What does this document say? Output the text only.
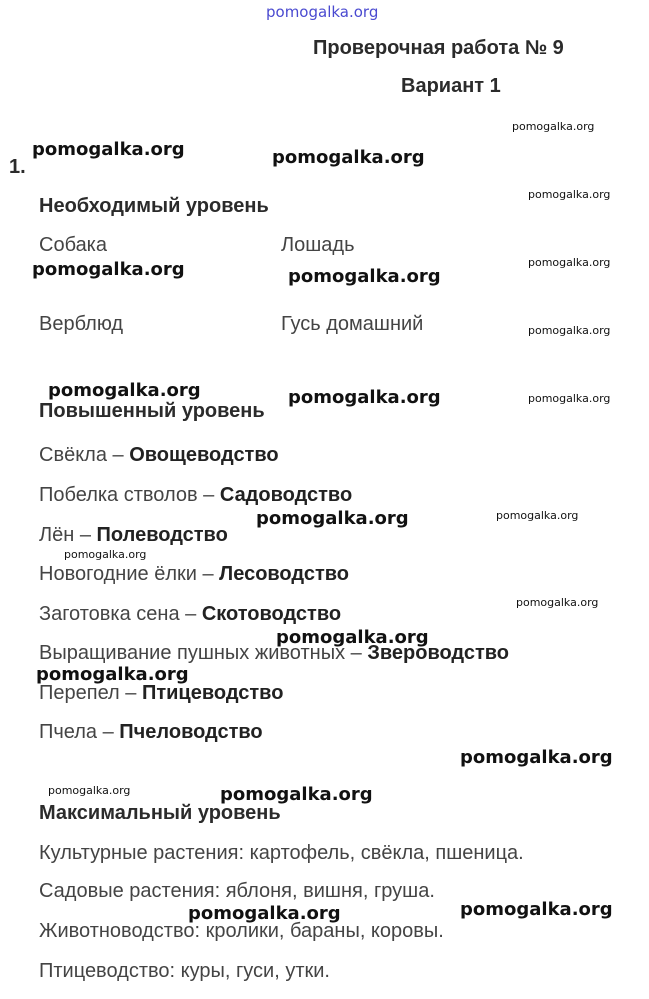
pomogalka.org
Проверочная работа № 9
Вариант 1
1.
Необходимый уровень
Собака	Лошадь
Верблюд	Гусь домашний
Повышенный уровень
Свёкла – Овощеводство
Побелка стволов – Садоводство
Лён – Полеводство
Новогодние ёлки – Лесоводство
Заготовка сена – Скотоводство
Выращивание пушных животных – Звероводство
Перепел – Птицеводство
Пчела – Пчеловодство
Максимальный уровень
Культурные растения: картофель, свёкла, пшеница.
Садовые растения: яблоня, вишня, груша.
Животноводство: кролики, бараны, коровы.
Птицеводство: куры, гуси, утки.
pomogalka.org	pomogalka.org
pomogalka.org	pomogalka.org
pomogalka.org	pomogalka.org
pomogalka.org
pomogalka.org
pomogalka.org
pomogalka.org
pomogalka.org
pomogalka.org	pomogalka.org
pomogalka.org
pomogalka.org
pomogalka.org
pomogalka.org
pomogalka.org
pomogalka.org
pomogalka.org
pomogalka.org
pomogalka.org
